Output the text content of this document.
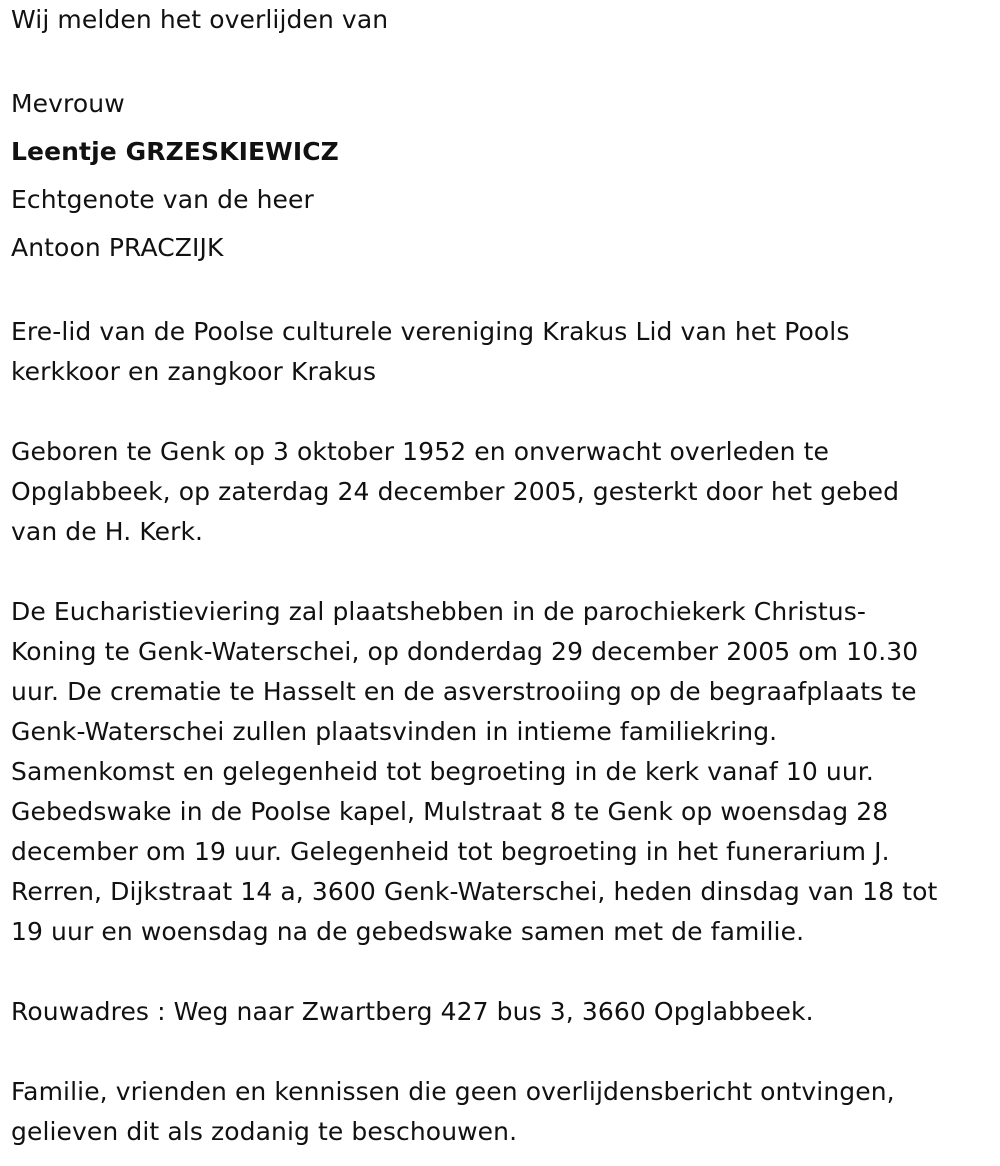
Wij melden het overlijden van
Mevrouw
Leentje GRZESKIEWICZ
Echtgenote van de heer
Antoon PRACZIJK
Ere-lid van de Poolse culturele vereniging Krakus Lid van het Pools
kerkkoor en zangkoor Krakus
Geboren te Genk op 3 oktober 1952 en onverwacht overleden te
Opglabbeek, op zaterdag 24 december 2005, gesterkt door het gebed
van de H. Kerk.
De Eucharistieviering zal plaatshebben in de parochiekerk Christus-
Koning te Genk-Waterschei, op donderdag 29 december 2005 om 10.30
uur. De crematie te Hasselt en de asverstrooiing op de begraafplaats te
Genk-Waterschei zullen plaatsvinden in intieme familiekring.
Samenkomst en gelegenheid tot begroeting in de kerk vanaf 10 uur.
Gebedswake in de Poolse kapel, Mulstraat 8 te Genk op woensdag 28
december om 19 uur. Gelegenheid tot begroeting in het funerarium J.
Rerren, Dijkstraat 14 a, 3600 Genk-Waterschei, heden dinsdag van 18 tot
19 uur en woensdag na de gebedswake samen met de familie.
Rouwadres : Weg naar Zwartberg 427 bus 3, 3660 Opglabbeek.
Familie, vrienden en kennissen die geen overlijdensbericht ontvingen,
gelieven dit als zodanig te beschouwen.
